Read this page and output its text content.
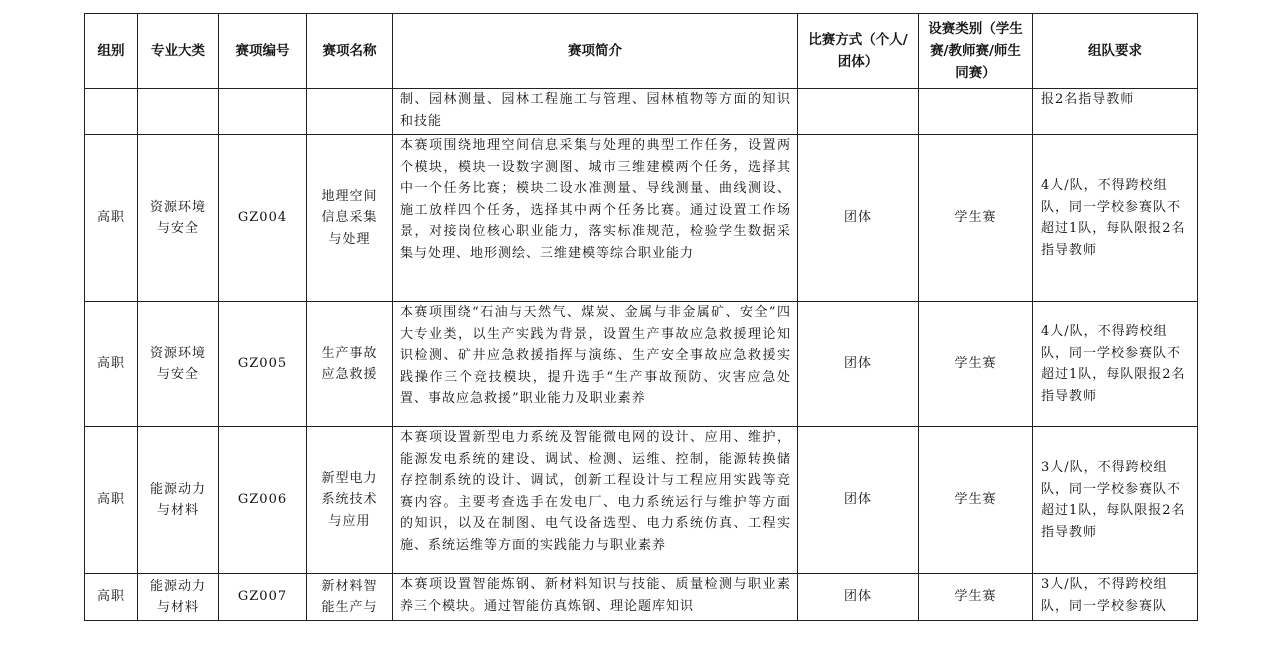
组别	专业大类	赛项编号	赛项名称	赛项简介	比赛方式（个人/团体）	设赛类别（学生赛/教师赛/师生同赛）	组队要求

				制、园林测量、园林工程施工与管理、园林植物等方面的知识和技能			报2名指导教师

高职	资源环境与安全	GZ004	地理空间信息采集与处理	本赛项围绕地理空间信息采集与处理的典型工作任务，设置两个模块，模块一设数字测图、城市三维建模两个任务，选择其中一个任务比赛；模块二设水准测量、导线测量、曲线测设、施工放样四个任务，选择其中两个任务比赛。通过设置工作场景，对接岗位核心职业能力，落实标准规范，检验学生数据采集与处理、地形测绘、三维建模等综合职业能力	团体	学生赛	4人/队，不得跨校组队，同一学校参赛队不超过1队，每队限报2名指导教师

高职	资源环境与安全	GZ005	生产事故应急救援	本赛项围绕“石油与天然气、煤炭、金属与非金属矿、安全”四大专业类，以生产实践为背景，设置生产事故应急救援理论知识检测、矿井应急救援指挥与演练、生产安全事故应急救援实践操作三个竞技模块，提升选手“生产事故预防、灾害应急处置、事故应急救援”职业能力及职业素养	团体	学生赛	4人/队，不得跨校组队，同一学校参赛队不超过1队，每队限报2名指导教师

高职	能源动力与材料	GZ006	新型电力系统技术与应用	本赛项设置新型电力系统及智能微电网的设计、应用、维护，能源发电系统的建设、调试、检测、运维、控制，能源转换储存控制系统的设计、调试，创新工程设计与工程应用实践等竞赛内容。主要考查选手在发电厂、电力系统运行与维护等方面的知识，以及在制图、电气设备选型、电力系统仿真、工程实施、系统运维等方面的实践能力与职业素养	团体	学生赛	3人/队，不得跨校组队，同一学校参赛队不超过1队，每队限报2名指导教师

高职	能源动力与材料	GZ007	新材料智能生产与	本赛项设置智能炼钢、新材料知识与技能、质量检测与职业素养三个模块。通过智能仿真炼钢、理论题库知识	团体	学生赛	3人/队，不得跨校组队，同一学校参赛队
